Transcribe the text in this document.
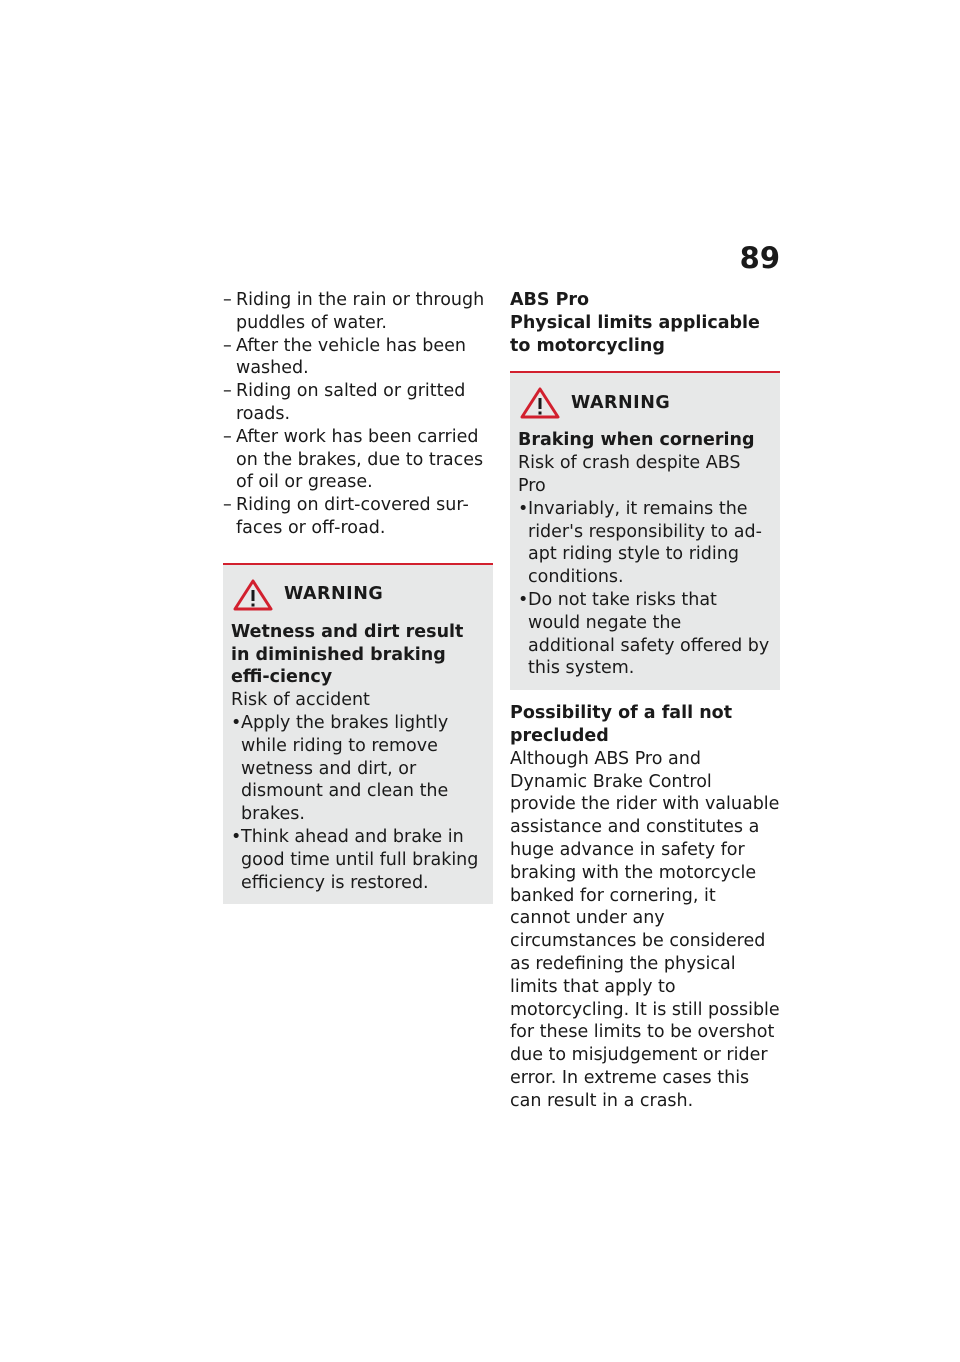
89
– Riding in the rain or through puddles of water.
– After the vehicle has been washed.
– Riding on salted or gritted roads.
– After work has been carried on the brakes, due to traces of oil or grease.
– Riding on dirt-covered sur-faces or off-road.
WARNING
Wetness and dirt result in diminished braking effi-ciency
Risk of accident
• Apply the brakes lightly while riding to remove wetness and dirt, or dismount and clean the brakes.
• Think ahead and brake in good time until full braking efficiency is restored.
ABS Pro
Physical limits applicable to motorcycling
WARNING
Braking when cornering
Risk of crash despite ABS Pro
• Invariably, it remains the rider's responsibility to ad-apt riding style to riding conditions.
• Do not take risks that would negate the additional safety offered by this system.
Possibility of a fall not precluded

Although ABS Pro and Dynamic Brake Control provide the rider with valuable assistance and constitutes a huge advance in safety for braking with the motorcycle banked for cornering, it cannot under any circumstances be considered as redefining the physical limits that apply to motorcycling. It is still possible for these limits to be overshot due to misjudgement or rider error. In extreme cases this can result in a crash.
